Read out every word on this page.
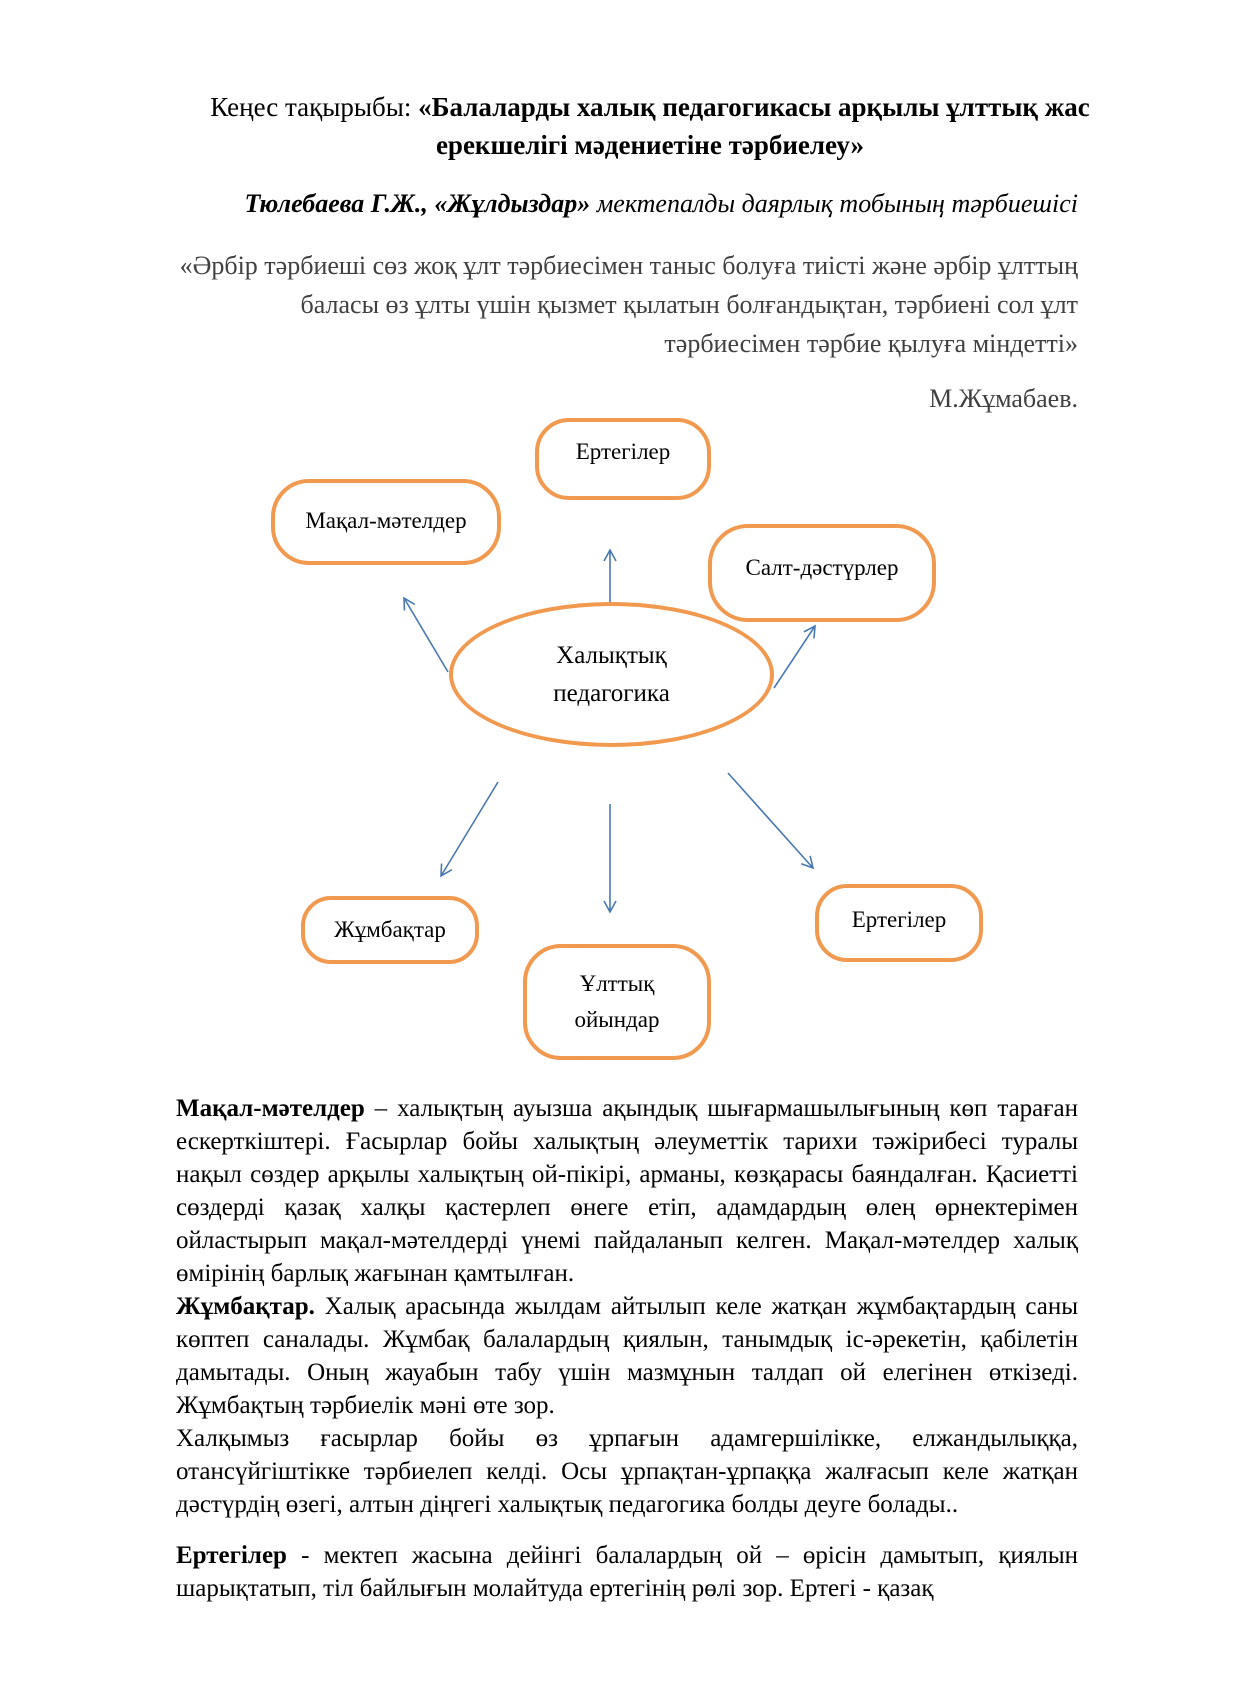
Кеңес тақырыбы: «Балаларды халық педагогикасы арқылы ұлттық жас ерекшелігі мәдениетіне тәрбиелеу»
Тюлебаева Г.Ж., «Жұлдыздар» мектепалды даярлық тобының тәрбиешісі
«Әрбір тәрбиеші сөз жоқ ұлт тәрбиесімен таныс болуға тиісті және әрбір ұлттың баласы өз ұлты үшін қызмет қылатын болғандықтан, тәрбиені сол ұлт тәрбиесімен тәрбие қылуға міндетті»
М.Жұмабаев.
Халықтық
педагогика
Ертегілер
Мақал-мәтелдер
Салт-дәстүрлер
Жұмбақтар
Ұлттық
ойындар
Ертегілер

Мақал-мәтелдер – халықтың ауызша ақындық шығармашылығының көп тараған ескерткіштері. Ғасырлар бойы халықтың әлеуметтік тарихи тәжірибесі туралы нақыл сөздер арқылы халықтың ой-пікірі, арманы, көзқарасы баяндалған. Қасиетті сөздерді қазақ халқы қастерлеп өнеге етіп, адамдардың өлең өрнектерімен ойластырып мақал-мәтелдерді үнемі пайдаланып келген. Мақал-мәтелдер халық өмірінің барлық жағынан қамтылған.

Жұмбақтар. Халық арасында жылдам айтылып келе жатқан жұмбақтардың саны көптеп саналады. Жұмбақ балалардың қиялын, танымдық іс-әрекетін, қабілетін дамытады. Оның жауабын табу үшін мазмұнын талдап ой елегінен өткізеді. Жұмбақтың тәрбиелік мәні өте зор.

Халқымыз ғасырлар бойы өз ұрпағын адамгершілікке, елжандылыққа, отансүйгіштікке тәрбиелеп келді. Осы ұрпақтан-ұрпаққа жалғасып келе жатқан дәстүрдің өзегі, алтын діңгегі халықтық педагогика болды деуге болады..

Ертегілер - мектеп жасына дейінгі балалардың ой – өрісін дамытып, қиялын шарықтатып, тіл байлығын молайтуда ертегінің рөлі зор. Ертегі - қазақ
